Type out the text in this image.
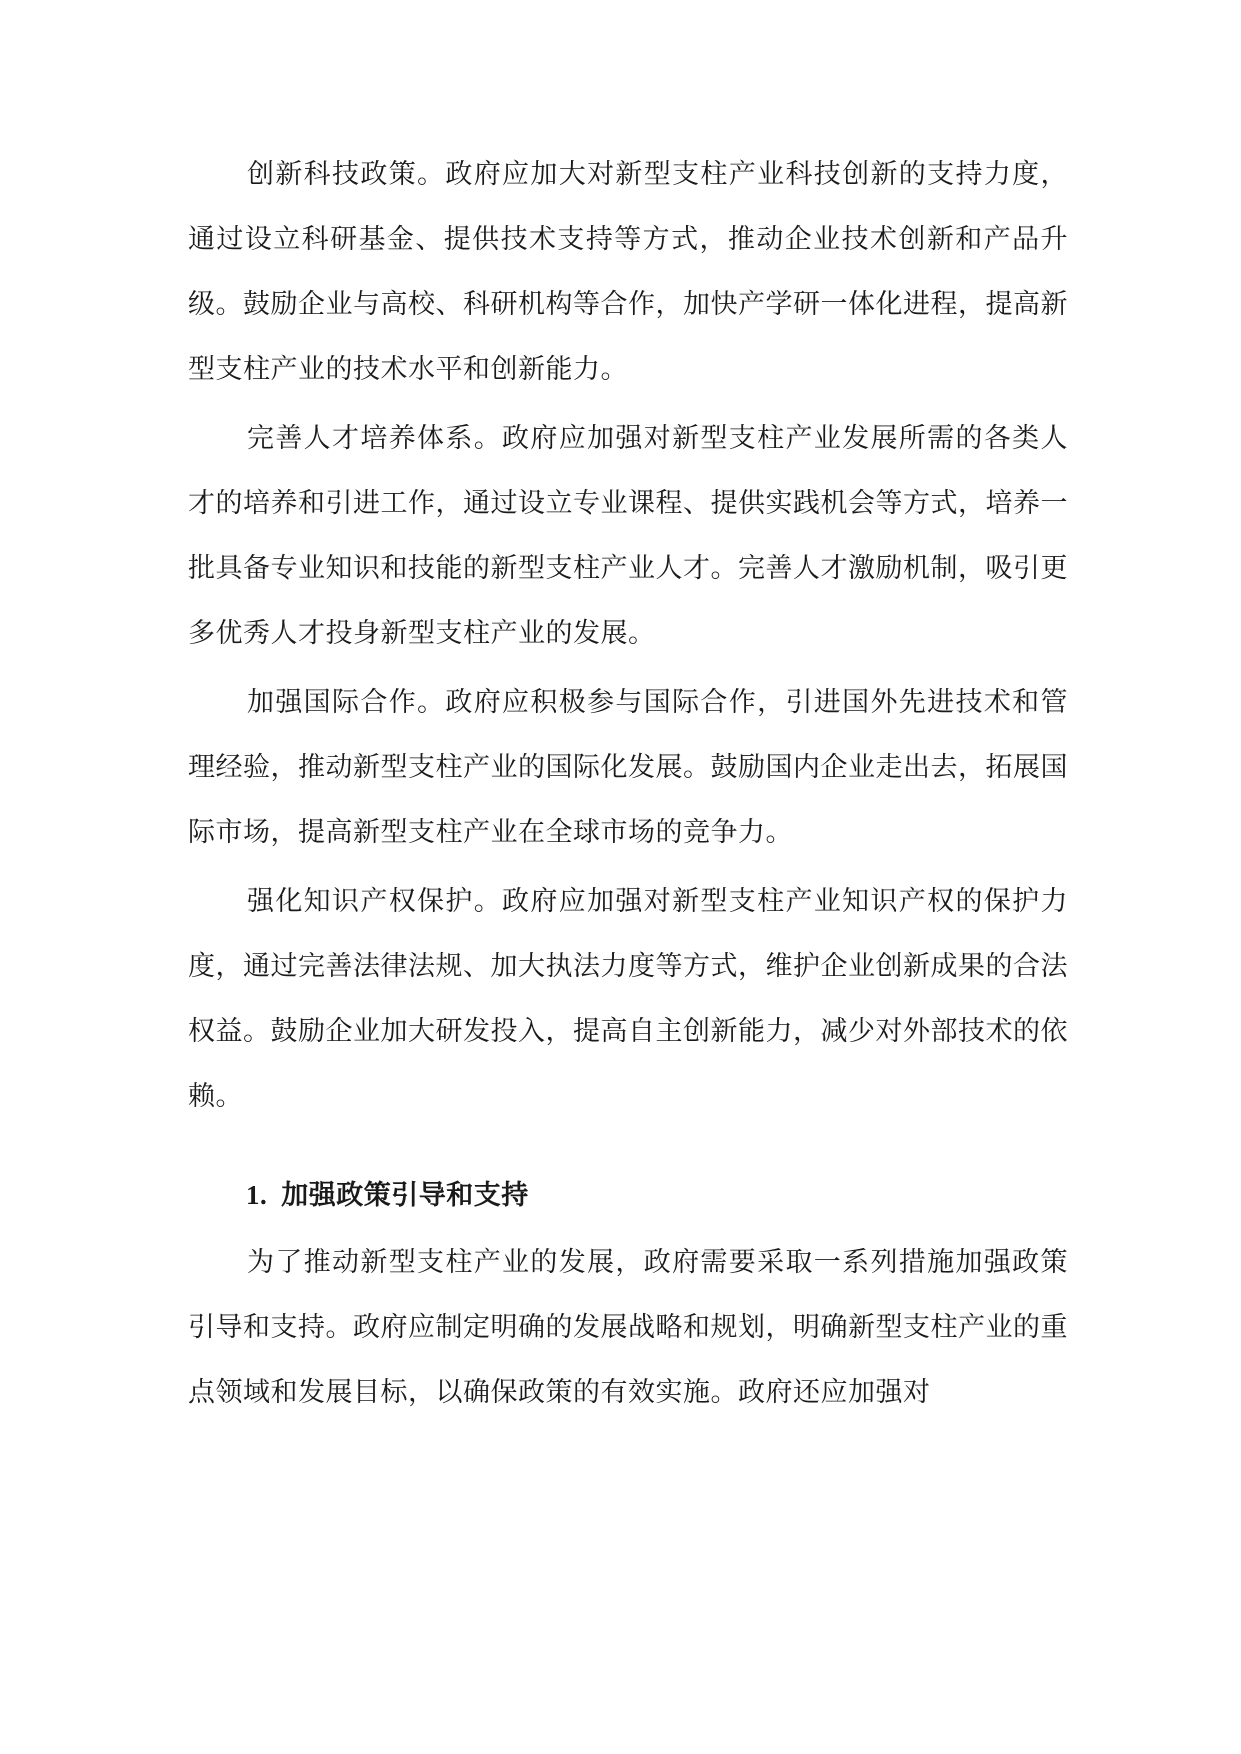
创新科技政策。政府应加大对新型支柱产业科技创新的支持力度，通过设立科研基金、提供技术支持等方式，推动企业技术创新和产品升级。鼓励企业与高校、科研机构等合作，加快产学研一体化进程，提高新型支柱产业的技术水平和创新能力。

完善人才培养体系。政府应加强对新型支柱产业发展所需的各类人才的培养和引进工作，通过设立专业课程、提供实践机会等方式，培养一批具备专业知识和技能的新型支柱产业人才。完善人才激励机制，吸引更多优秀人才投身新型支柱产业的发展。

加强国际合作。政府应积极参与国际合作，引进国外先进技术和管理经验，推动新型支柱产业的国际化发展。鼓励国内企业走出去，拓展国际市场，提高新型支柱产业在全球市场的竞争力。

强化知识产权保护。政府应加强对新型支柱产业知识产权的保护力度，通过完善法律法规、加大执法力度等方式，维护企业创新成果的合法权益。鼓励企业加大研发投入，提高自主创新能力，减少对外部技术的依赖。

1. 加强政策引导和支持

为了推动新型支柱产业的发展，政府需要采取一系列措施加强政策引导和支持。政府应制定明确的发展战略和规划，明确新型支柱产业的重点领域和发展目标，以确保政策的有效实施。政府还应加强对
